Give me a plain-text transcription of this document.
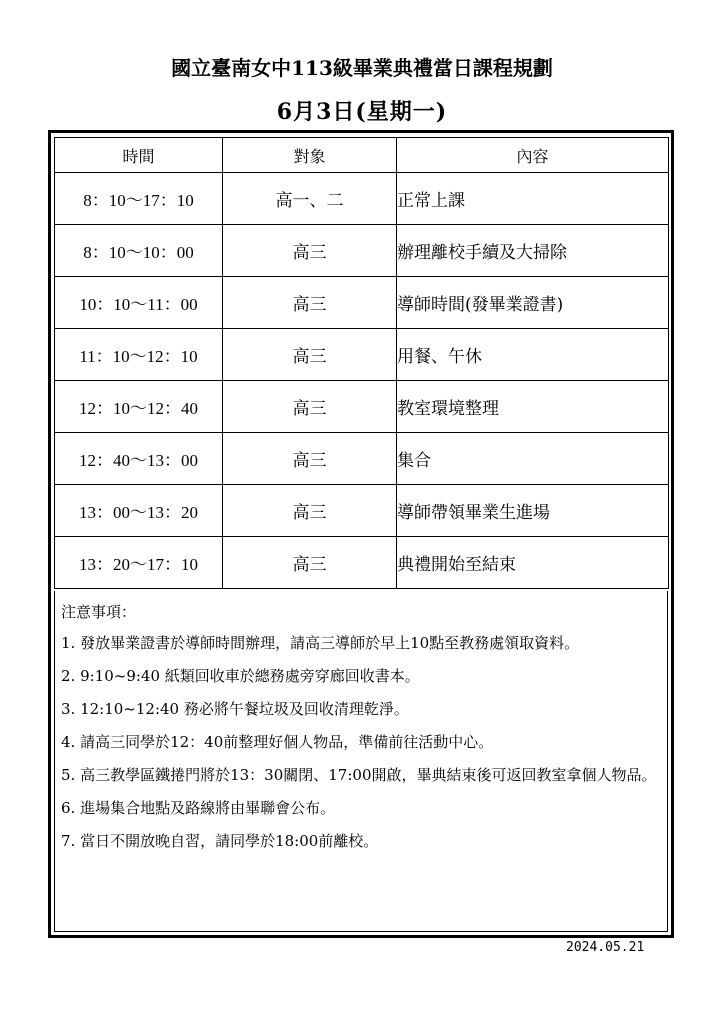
國立臺南女中113級畢業典禮當日課程規劃
6月3日(星期一)
時間	對象	內容
8：10～17：10	高一、二	正常上課
8：10～10：00	高三	辦理離校手續及大掃除
10：10～11：00	高三	導師時間(發畢業證書)
11：10～12：10	高三	用餐、午休
12：10～12：40	高三	教室環境整理
12：40～13：00	高三	集合
13：00～13：20	高三	導師帶領畢業生進場
13：20～17：10	高三	典禮開始至結束
注意事項：
1. 發放畢業證書於導師時間辦理，請高三導師於早上10點至教務處領取資料。
2. 9:10~9:40 紙類回收車於總務處旁穿廊回收書本。
3. 12:10~12:40 務必將午餐垃圾及回收清理乾淨。
4. 請高三同學於12：40前整理好個人物品，準備前往活動中心。
5. 高三教學區鐵捲門將於13：30關閉、17:00開啟，畢典結束後可返回教室拿個人物品。
6. 進場集合地點及路線將由畢聯會公布。
7. 當日不開放晚自習，請同學於18:00前離校。
2024.05.21
